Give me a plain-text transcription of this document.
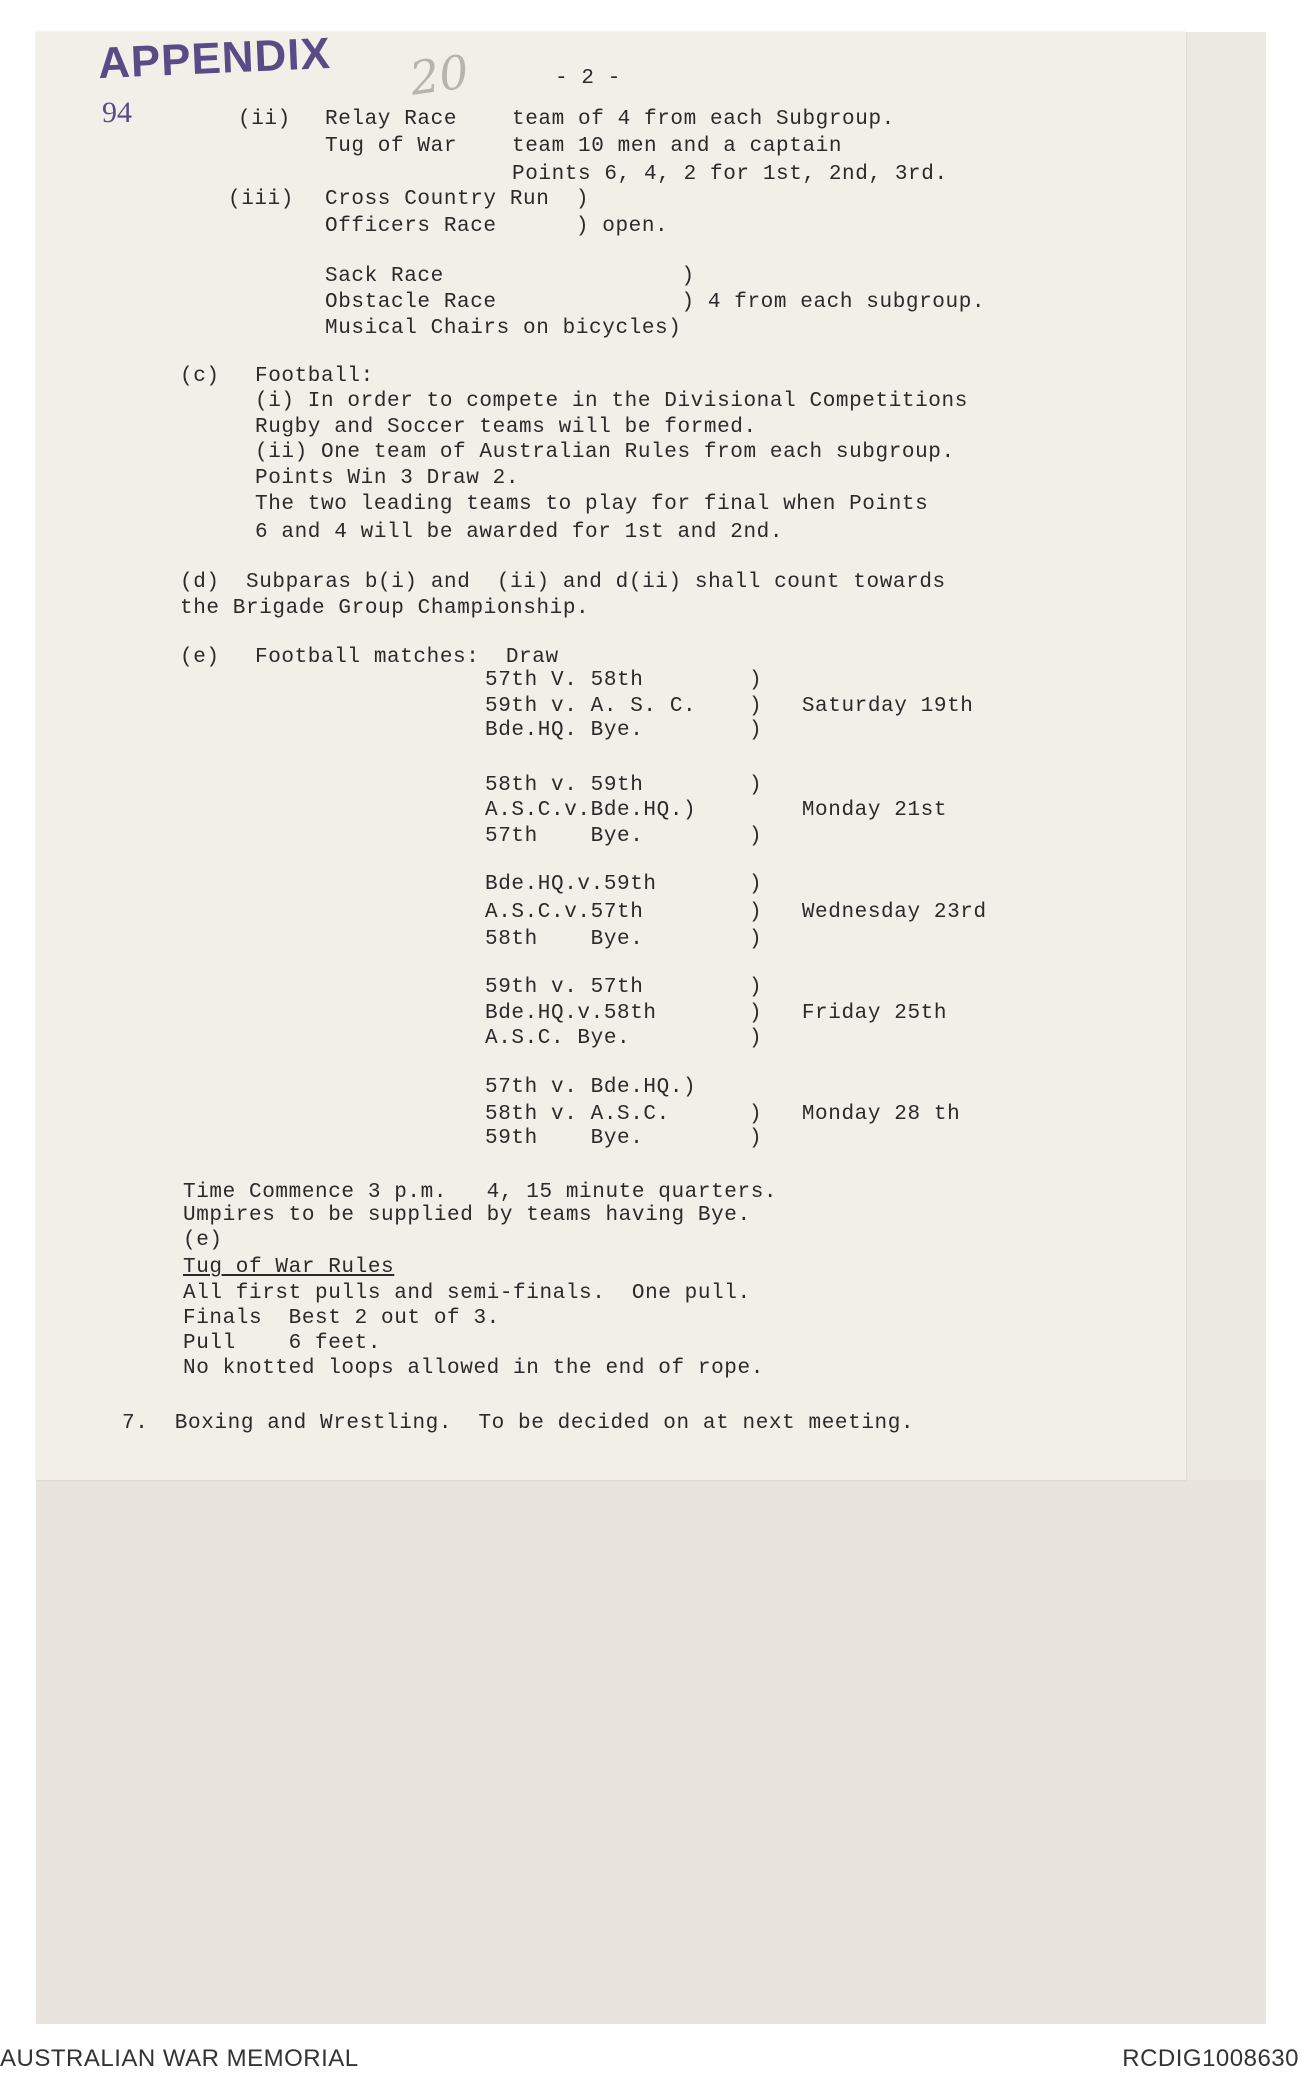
APPENDIX
94
20	- 2 -
(ii) Relay Race	team of 4 from each Subgroup.
Tug of War	team 10 men and a captain
Points 6, 4, 2 for 1st, 2nd, 3rd.
(iii) Cross Country Run  )
Officers Race      ) open.
Sack Race                  )
Obstacle Race              ) 4 from each subgroup.
Musical Chairs on bicycles)
(c) Football:
(i) In order to compete in the Divisional Competitions
Rugby and Soccer teams will be formed.
(ii) One team of Australian Rules from each subgroup.
Points Win 3 Draw 2.
The two leading teams to play for final when Points
6 and 4 will be awarded for 1st and 2nd.
(d)  Subparas b(i) and  (ii) and d(ii) shall count towards
the Brigade Group Championship.
(e) Football matches:  Draw
57th V. 58th        )
59th v. A. S. C.    )   Saturday 19th
Bde.HQ. Bye.        )
58th v. 59th        )
A.S.C.v.Bde.HQ.)        Monday 21st
57th    Bye.        )
Bde.HQ.v.59th       )
A.S.C.v.57th        )   Wednesday 23rd
58th    Bye.        )
59th v. 57th        )
Bde.HQ.v.58th       )   Friday 25th
A.S.C. Bye.         )
57th v. Bde.HQ.)
58th v. A.S.C.      )   Monday 28 th
59th    Bye.        )
Time Commence 3 p.m.   4, 15 minute quarters.
Umpires to be supplied by teams having Bye.
(e)
Tug of War Rules
All first pulls and semi-finals.  One pull.
Finals  Best 2 out of 3.
Pull    6 feet.
No knotted loops allowed in the end of rope.
7.  Boxing and Wrestling.  To be decided on at next meeting.
AUSTRALIAN WAR MEMORIAL	RCDIG1008630
